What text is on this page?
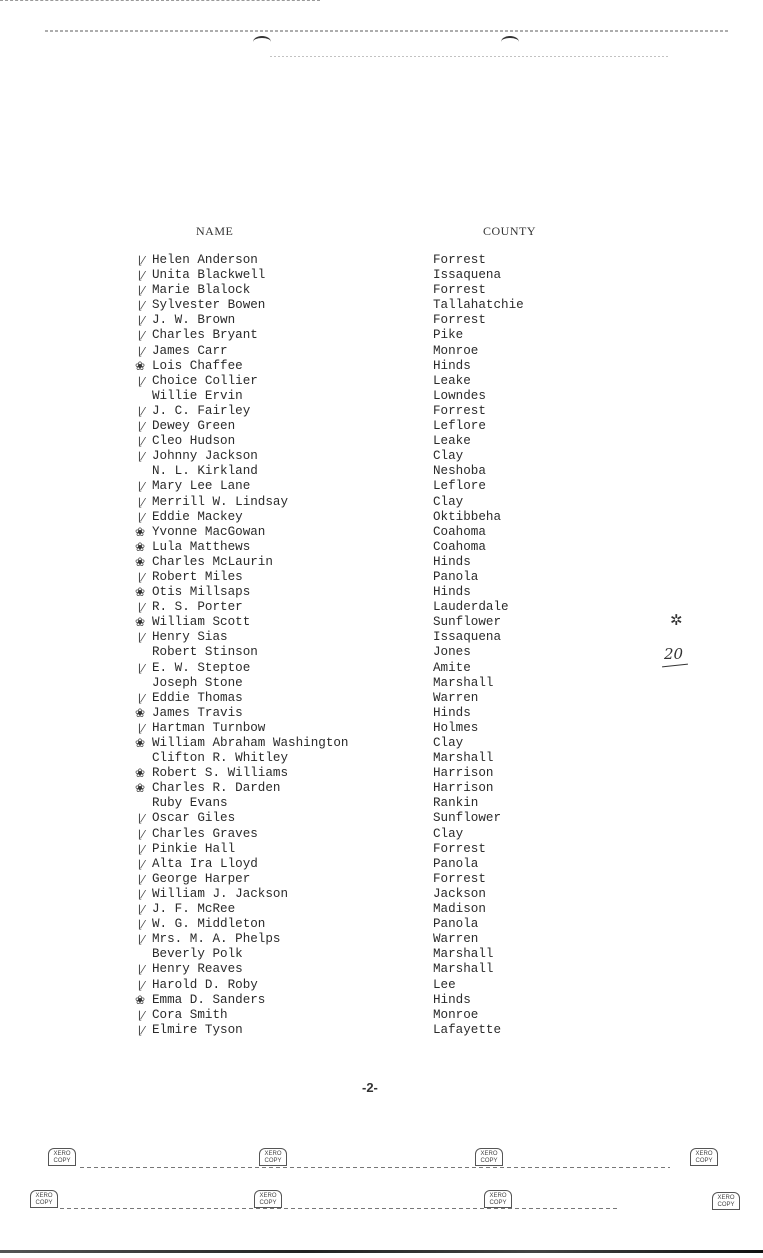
NAME	COUNTY
⌊⁄ Helen Anderson
⌊⁄ Unita Blackwell
⌊⁄ Marie Blalock
⌊⁄ Sylvester Bowen
⌊⁄ J. W. Brown
⌊⁄ Charles Bryant
⌊⁄ James Carr
❀ Lois Chaffee
⌊⁄ Choice Collier
Willie Ervin
⌊⁄ J. C. Fairley
⌊⁄ Dewey Green
⌊⁄ Cleo Hudson
⌊⁄ Johnny Jackson
N. L. Kirkland
⌊⁄ Mary Lee Lane
⌊⁄ Merrill W. Lindsay
⌊⁄ Eddie Mackey
❀ Yvonne MacGowan
❀ Lula Matthews
❀ Charles McLaurin
⌊⁄ Robert Miles
❀ Otis Millsaps
⌊⁄ R. S. Porter
❀ William Scott
⌊⁄ Henry Sias
Robert Stinson
⌊⁄ E. W. Steptoe
Joseph Stone
⌊⁄ Eddie Thomas
❀ James Travis
⌊⁄ Hartman Turnbow
❀ William Abraham Washington
Clifton R. Whitley
❀ Robert S. Williams
❀ Charles R. Darden
Ruby Evans
⌊⁄ Oscar Giles
⌊⁄ Charles Graves
⌊⁄ Pinkie Hall
⌊⁄ Alta Ira Lloyd
⌊⁄ George Harper
⌊⁄ William J. Jackson
⌊⁄ J. F. McRee
⌊⁄ W. G. Middleton
⌊⁄ Mrs. M. A. Phelps
Beverly Polk
⌊⁄ Henry Reaves
⌊⁄ Harold D. Roby
❀ Emma D. Sanders
⌊⁄ Cora Smith
⌊⁄ Elmire Tyson
Forrest
Issaquena
Forrest
Tallahatchie
Forrest
Pike
Monroe
Hinds
Leake
Lowndes
Forrest
Leflore
Leake
Clay
Neshoba
Leflore
Clay
Oktibbeha
Coahoma
Coahoma
Hinds
Panola
Hinds
Lauderdale
Sunflower
Issaquena
Jones
Amite
Marshall
Warren
Hinds
Holmes
Clay
Marshall
Harrison
Harrison
Rankin
Sunflower
Clay
Forrest
Panola
Forrest
Jackson
Madison
Panola
Warren
Marshall
Marshall
Lee
Hinds
Monroe
Lafayette
✲
20
-2-
XERO COPY
XERO COPY
XERO COPY
XERO COPY
XERO COPY
XERO COPY
XERO COPY
XERO COPY
